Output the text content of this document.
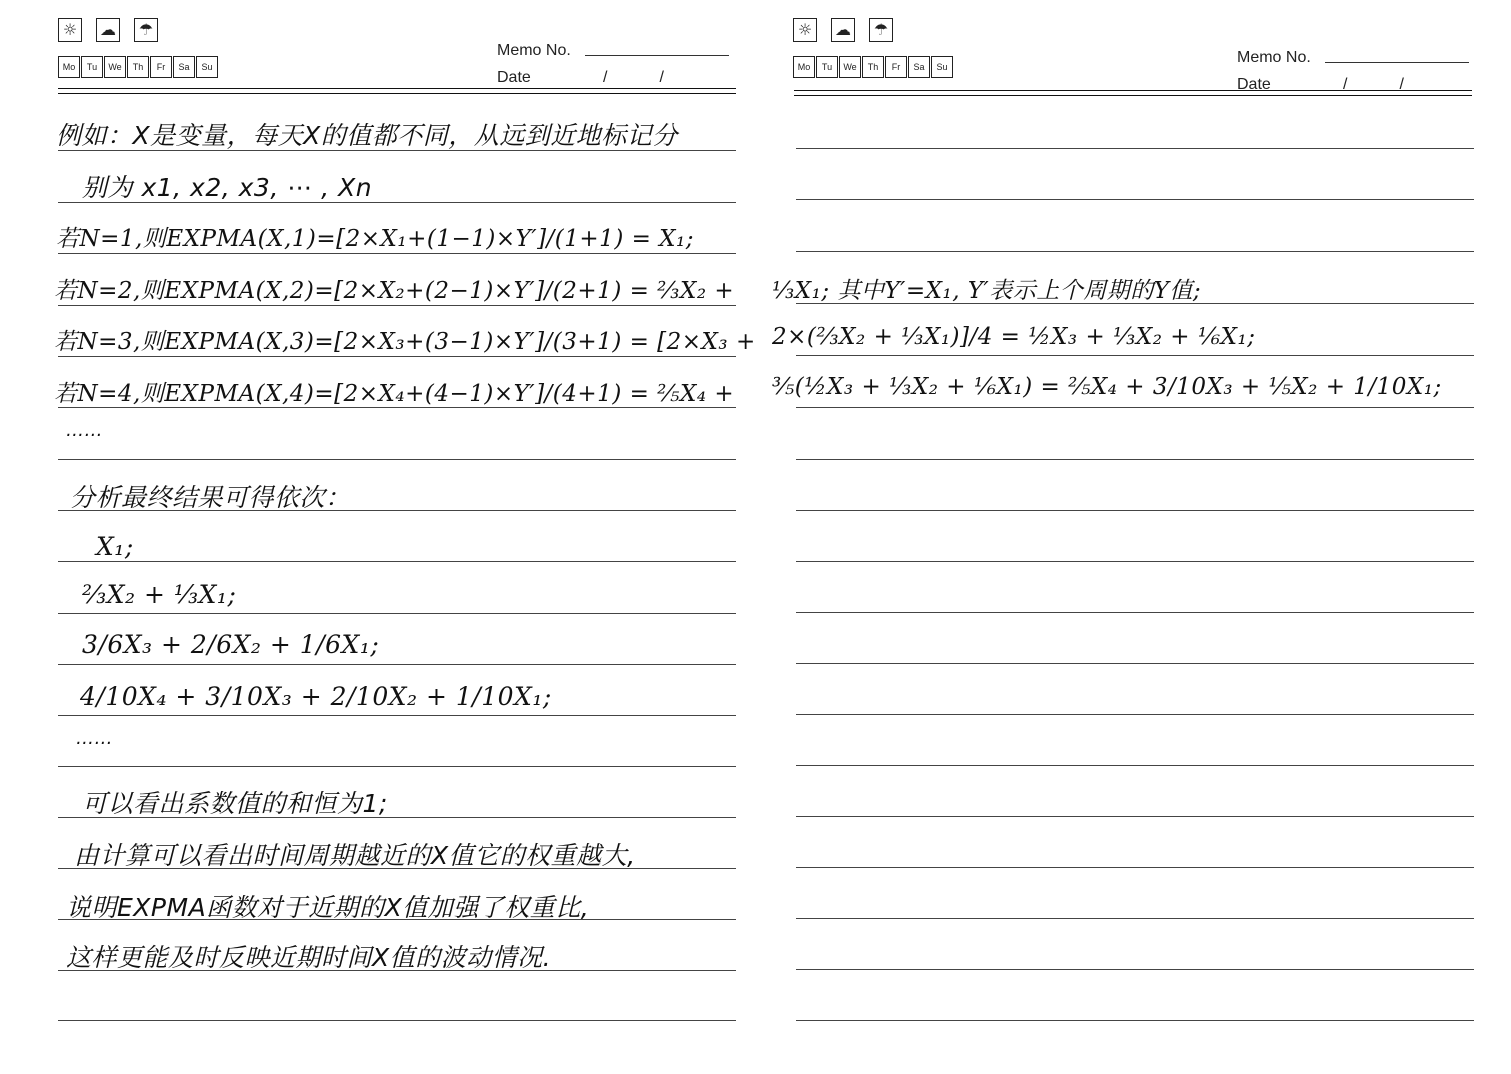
☼	☁	☂
Mo	Tu	We	Th	Fr	Sa	Su
Memo No.
Date	/	/
例如：X是变量，每天X的值都不同，从远到近地标记分
别为 x1, x2, x3, ⋯ , Xn
若N=1,则EXPMA(X,1)=[2×X₁+(1−1)×Y′]/(1+1) = X₁;
若N=2,则EXPMA(X,2)=[2×X₂+(2−1)×Y′]/(2+1) = ⅔X₂ +
若N=3,则EXPMA(X,3)=[2×X₃+(3−1)×Y′]/(3+1) = [2×X₃ +
若N=4,则EXPMA(X,4)=[2×X₄+(4−1)×Y′]/(4+1) = ⅖X₄ +
……
分析最终结果可得依次：
X₁;
⅔X₂ + ⅓X₁;
3/6X₃ + 2/6X₂ + 1/6X₁;
4/10X₄ + 3/10X₃ + 2/10X₂ + 1/10X₁;
……
可以看出系数值的和恒为1;
由计算可以看出时间周期越近的X值它的权重越大,
说明EXPMA函数对于近期的X值加强了权重比,
这样更能及时反映近期时间X值的波动情况.
☼	☁	☂
Mo	Tu	We	Th	Fr	Sa	Su
Memo No.
Date	/	/
⅓X₁; 其中Y′=X₁, Y′表示上个周期的Y值;
2×(⅔X₂ + ⅓X₁)]/4 = ½X₃ + ⅓X₂ + ⅙X₁;
⅗(½X₃ + ⅓X₂ + ⅙X₁) = ⅖X₄ + 3/10X₃ + ⅕X₂ + 1/10X₁;
